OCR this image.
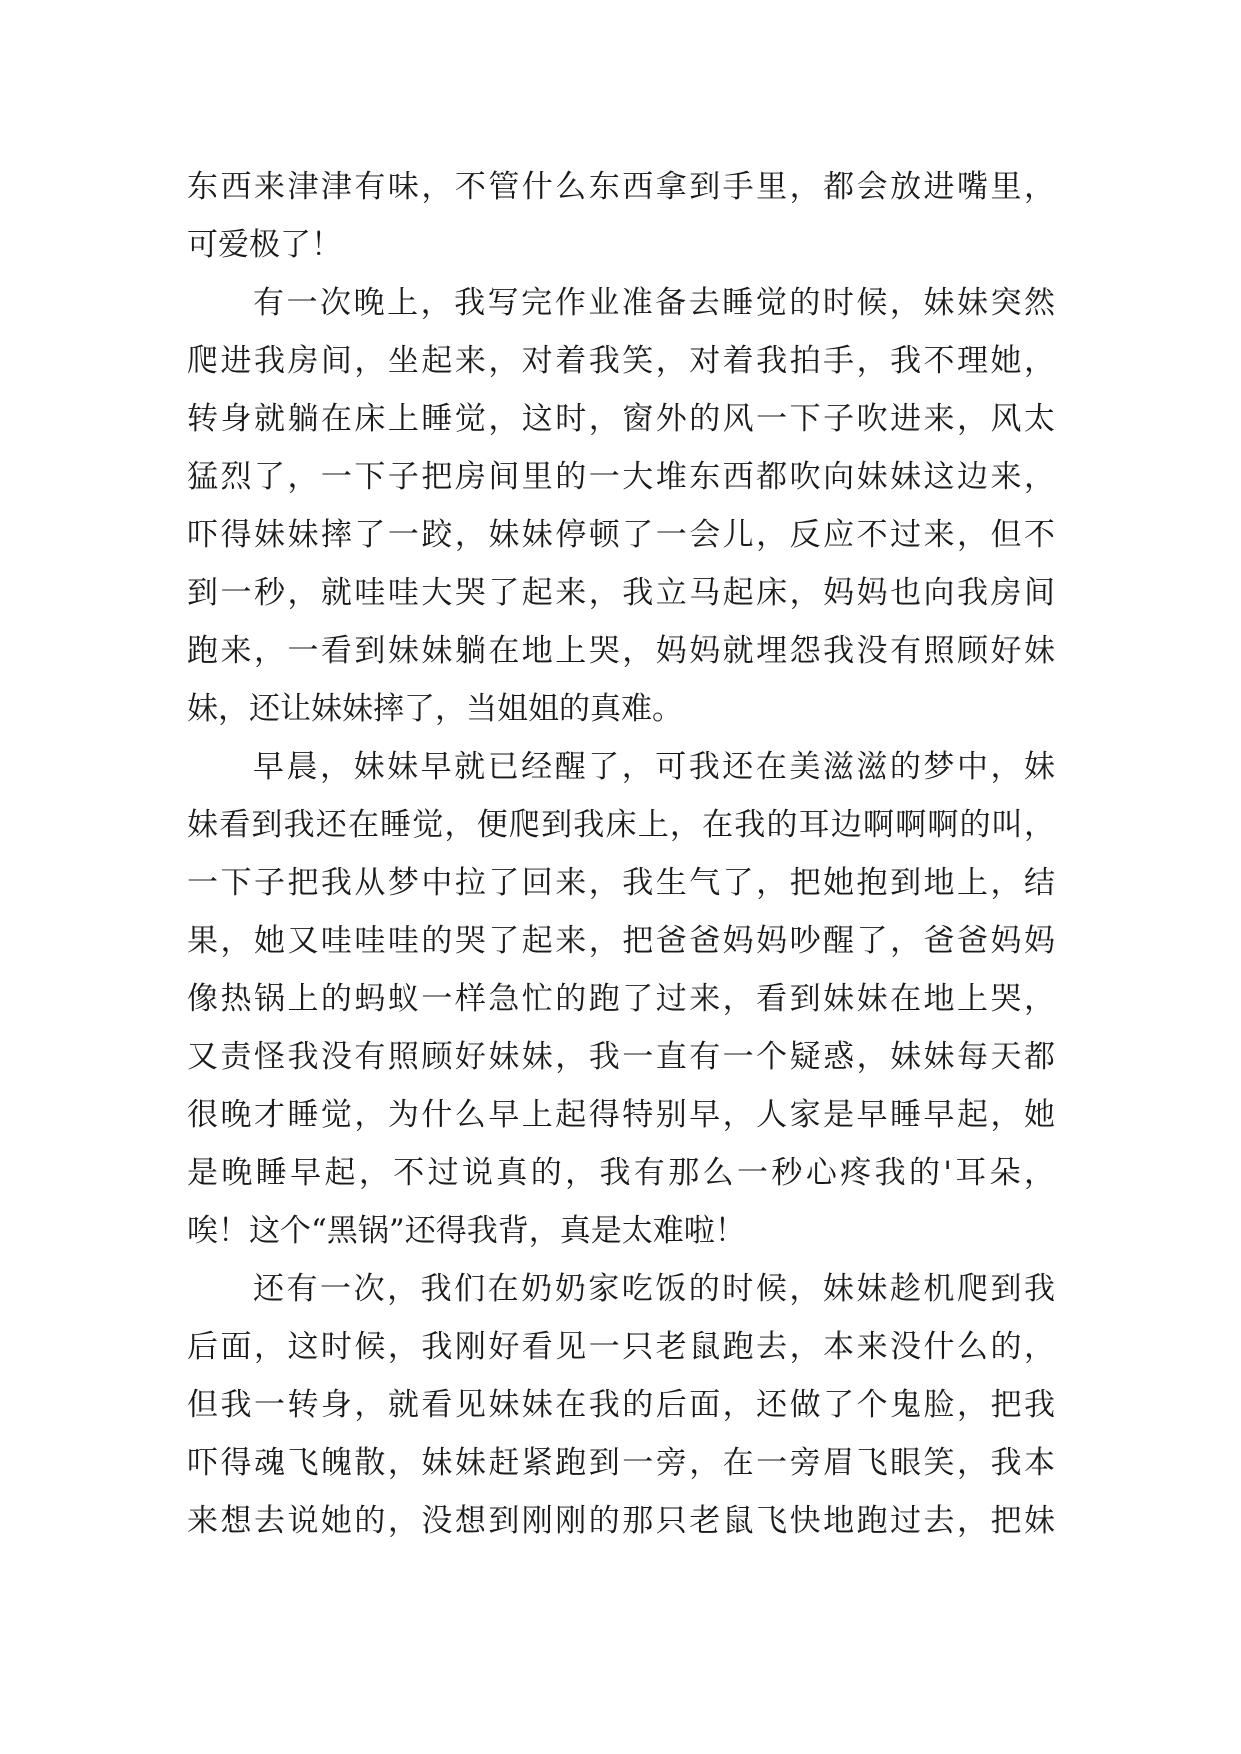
东西来津津有味，不管什么东西拿到手里，都会放进嘴里，
可爱极了！
有一次晚上，我写完作业准备去睡觉的时候，妹妹突然
爬进我房间，坐起来，对着我笑，对着我拍手，我不理她，
转身就躺在床上睡觉，这时，窗外的风一下子吹进来，风太
猛烈了，一下子把房间里的一大堆东西都吹向妹妹这边来，
吓得妹妹摔了一跤，妹妹停顿了一会儿，反应不过来，但不
到一秒，就哇哇大哭了起来，我立马起床，妈妈也向我房间
跑来，一看到妹妹躺在地上哭，妈妈就埋怨我没有照顾好妹
妹，还让妹妹摔了，当姐姐的真难。
早晨，妹妹早就已经醒了，可我还在美滋滋的梦中，妹
妹看到我还在睡觉，便爬到我床上，在我的耳边啊啊啊的叫，
一下子把我从梦中拉了回来，我生气了，把她抱到地上，结
果，她又哇哇哇的哭了起来，把爸爸妈妈吵醒了，爸爸妈妈
像热锅上的蚂蚁一样急忙的跑了过来，看到妹妹在地上哭，
又责怪我没有照顾好妹妹，我一直有一个疑惑，妹妹每天都
很晚才睡觉，为什么早上起得特别早，人家是早睡早起，她
是晚睡早起，不过说真的，我有那么一秒心疼我的'耳朵，
唉！这个“黑锅”还得我背，真是太难啦！
还有一次，我们在奶奶家吃饭的时候，妹妹趁机爬到我
后面，这时候，我刚好看见一只老鼠跑去，本来没什么的，
但我一转身，就看见妹妹在我的后面，还做了个鬼脸，把我
吓得魂飞魄散，妹妹赶紧跑到一旁，在一旁眉飞眼笑，我本
来想去说她的，没想到刚刚的那只老鼠飞快地跑过去，把妹
